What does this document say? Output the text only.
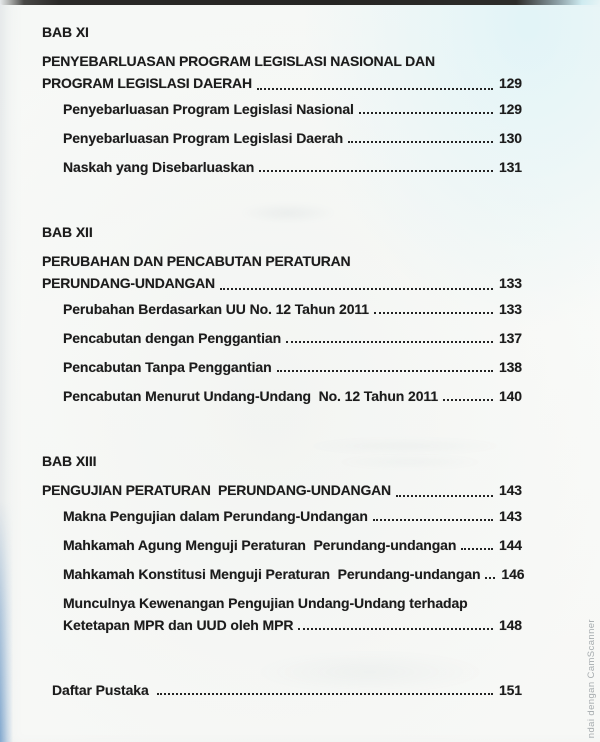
BAB XI
PENYEBARLUASAN PROGRAM LEGISLASI NASIONAL DAN
PROGRAM LEGISLASI DAERAH	129
Penyebarluasan Program Legislasi Nasional	129
Penyebarluasan Program Legislasi Daerah	130
Naskah yang Disebarluaskan	131
BAB XII
PERUBAHAN DAN PENCABUTAN PERATURAN
PERUNDANG-UNDANGAN	133
Perubahan Berdasarkan UU No. 12 Tahun 2011	133
Pencabutan dengan Penggantian	137
Pencabutan Tanpa Penggantian	138
Pencabutan Menurut Undang-Undang  No. 12 Tahun 2011	140
BAB XIII
PENGUJIAN PERATURAN  PERUNDANG-UNDANGAN	143
Makna Pengujian dalam Perundang-Undangan	143
Mahkamah Agung Menguji Peraturan  Perundang-undangan	144
Mahkamah Konstitusi Menguji Peraturan  Perundang-undangan 146
Munculnya Kewenangan Pengujian Undang-Undang terhadap
Ketetapan MPR dan UUD oleh MPR	148
Daftar Pustaka	151	ndai dengan CamScanner
